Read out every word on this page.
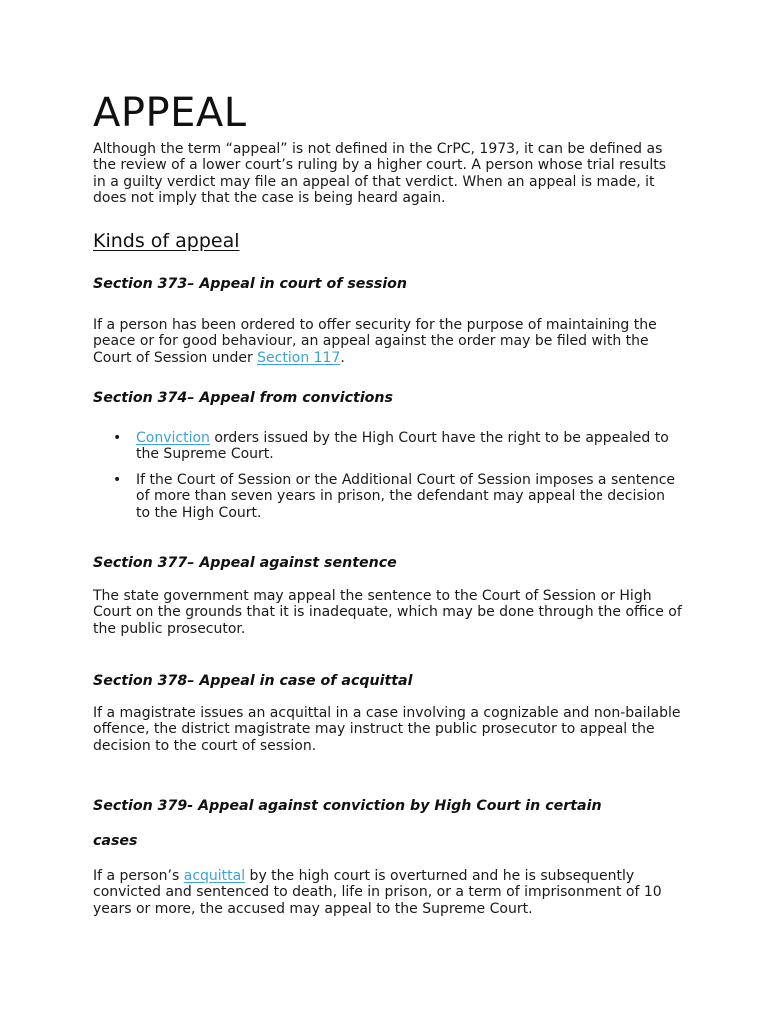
APPEAL

Although the term “appeal” is not defined in the CrPC, 1973, it can be defined as the review of a lower court’s ruling by a higher court. A person whose trial results in a guilty verdict may file an appeal of that verdict. When an appeal is made, it does not imply that the case is being heard again.

Kinds of appeal
Section 373– Appeal in court of session

If a person has been ordered to offer security for the purpose of maintaining the peace or for good behaviour, an appeal against the order may be filed with the Court of Session under Section 117.

Section 374– Appeal from convictions
• Conviction orders issued by the High Court have the right to be appealed to the Supreme Court.
• If the Court of Session or the Additional Court of Session imposes a sentence of more than seven years in prison, the defendant may appeal the decision to the High Court.
Section 377– Appeal against sentence

The state government may appeal the sentence to the Court of Session or High Court on the grounds that it is inadequate, which may be done through the office of the public prosecutor.

Section 378– Appeal in case of acquittal

If a magistrate issues an acquittal in a case involving a cognizable and non-bailable offence, the district magistrate may instruct the public prosecutor to appeal the decision to the court of session.

Section 379- Appeal against conviction by High Court in certain
cases

If a person’s acquittal by the high court is overturned and he is subsequently convicted and sentenced to death, life in prison, or a term of imprisonment of 10 years or more, the accused may appeal to the Supreme Court.
